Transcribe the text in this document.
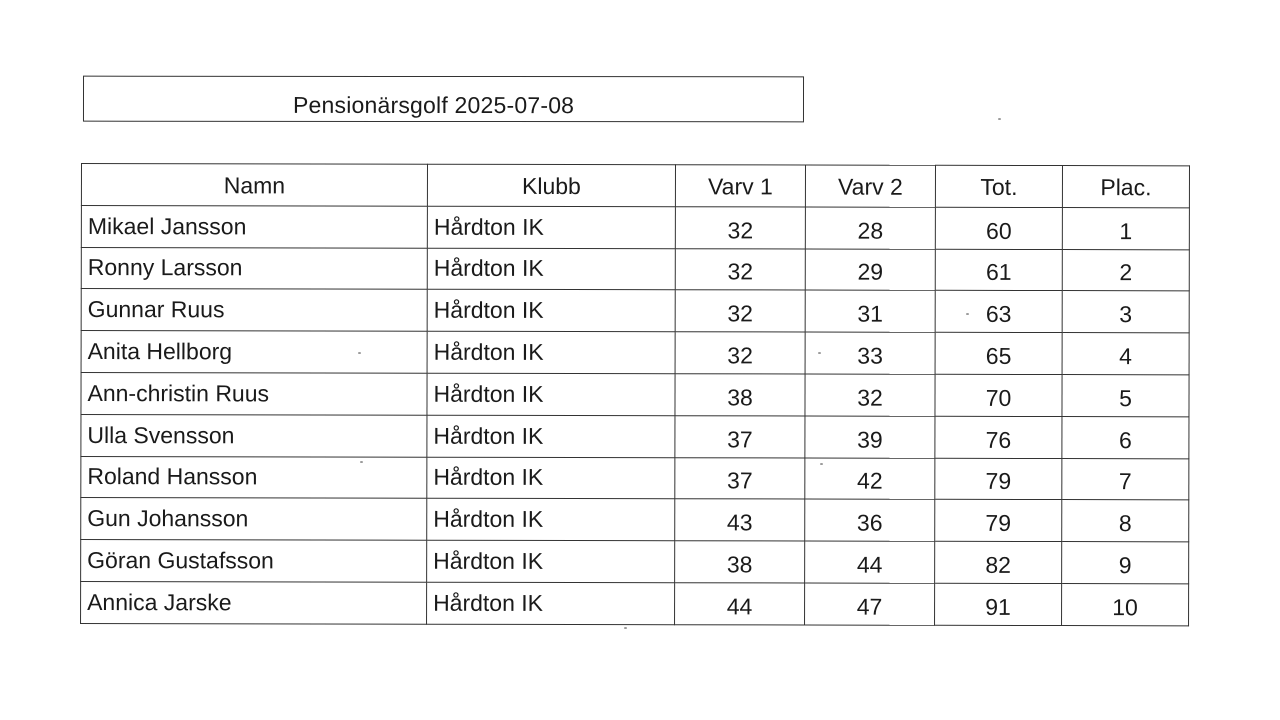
Pensionärsgolf 2025-07-08
Namn	Klubb	Varv 1	Varv 2	Tot.	Plac.
Mikael Jansson	Hårdton IK	32	28	60	1
Ronny Larsson	Hårdton IK	32	29	61	2
Gunnar Ruus	Hårdton IK	32	31	63	3
Anita Hellborg	Hårdton IK	32	33	65	4
Ann-christin Ruus	Hårdton IK	38	32	70	5
Ulla Svensson	Hårdton IK	37	39	76	6
Roland Hansson	Hårdton IK	37	42	79	7
Gun Johansson	Hårdton IK	43	36	79	8
Göran Gustafsson	Hårdton IK	38	44	82	9
Annica Jarske	Hårdton IK	44	47	91	10
